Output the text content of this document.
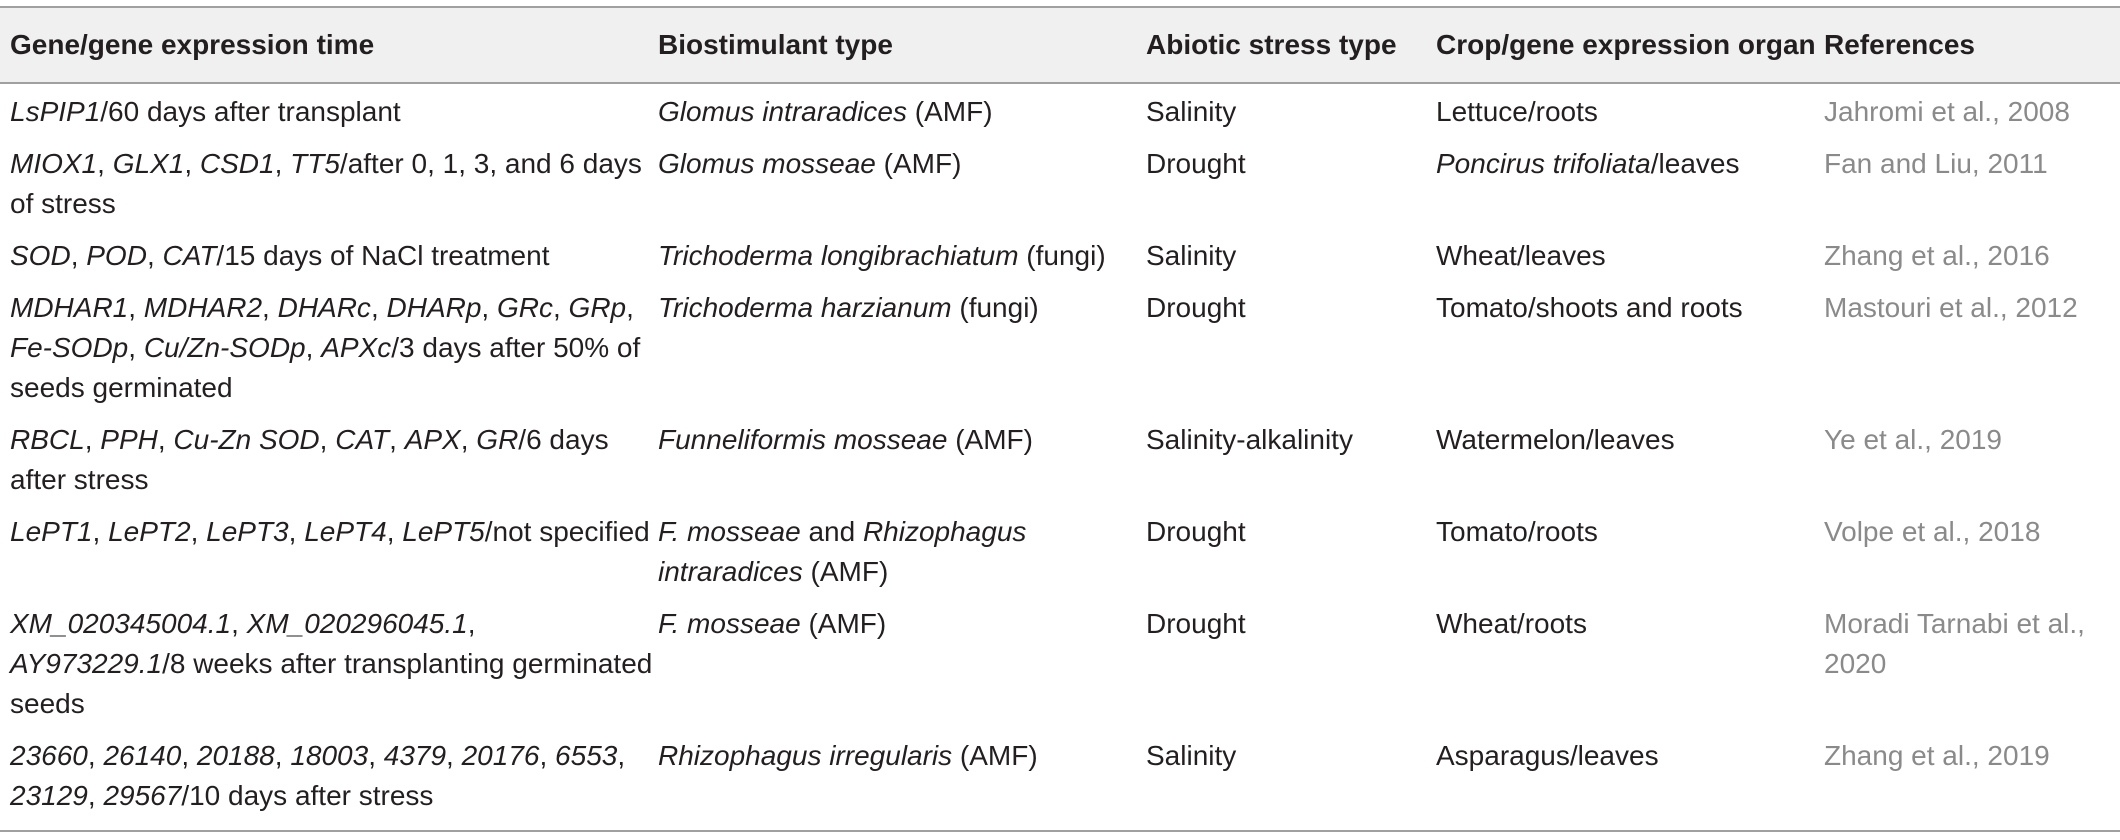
Gene/gene expression time	Biostimulant type	Abiotic stress type	Crop/gene expression organ	References
LsPIP1/60 days after transplant	Glomus intraradices (AMF)	Salinity	Lettuce/roots	Jahromi et al., 2008
MIOX1, GLX1, CSD1, TT5/after 0, 1, 3, and 6 days of stress	Glomus mosseae (AMF)	Drought	Poncirus trifoliata/leaves	Fan and Liu, 2011
SOD, POD, CAT/15 days of NaCl treatment	Trichoderma longibrachiatum (fungi)	Salinity	Wheat/leaves	Zhang et al., 2016
MDHAR1, MDHAR2, DHARc, DHARp, GRc, GRp, Fe-SODp, Cu/Zn-SODp, APXc/3 days after 50% of seeds germinated	Trichoderma harzianum (fungi)	Drought	Tomato/shoots and roots	Mastouri et al., 2012
RBCL, PPH, Cu-Zn SOD, CAT, APX, GR/6 days after stress	Funneliformis mosseae (AMF)	Salinity-alkalinity	Watermelon/leaves	Ye et al., 2019
LePT1, LePT2, LePT3, LePT4, LePT5/not specified	F. mosseae and Rhizophagus intraradices (AMF)	Drought	Tomato/roots	Volpe et al., 2018
XM_020345004.1, XM_020296045.1, AY973229.1/8 weeks after transplanting germinated seeds	F. mosseae (AMF)	Drought	Wheat/roots	Moradi Tarnabi et al., 2020
23660, 26140, 20188, 18003, 4379, 20176, 6553, 23129, 29567/10 days after stress	Rhizophagus irregularis (AMF)	Salinity	Asparagus/leaves	Zhang et al., 2019
